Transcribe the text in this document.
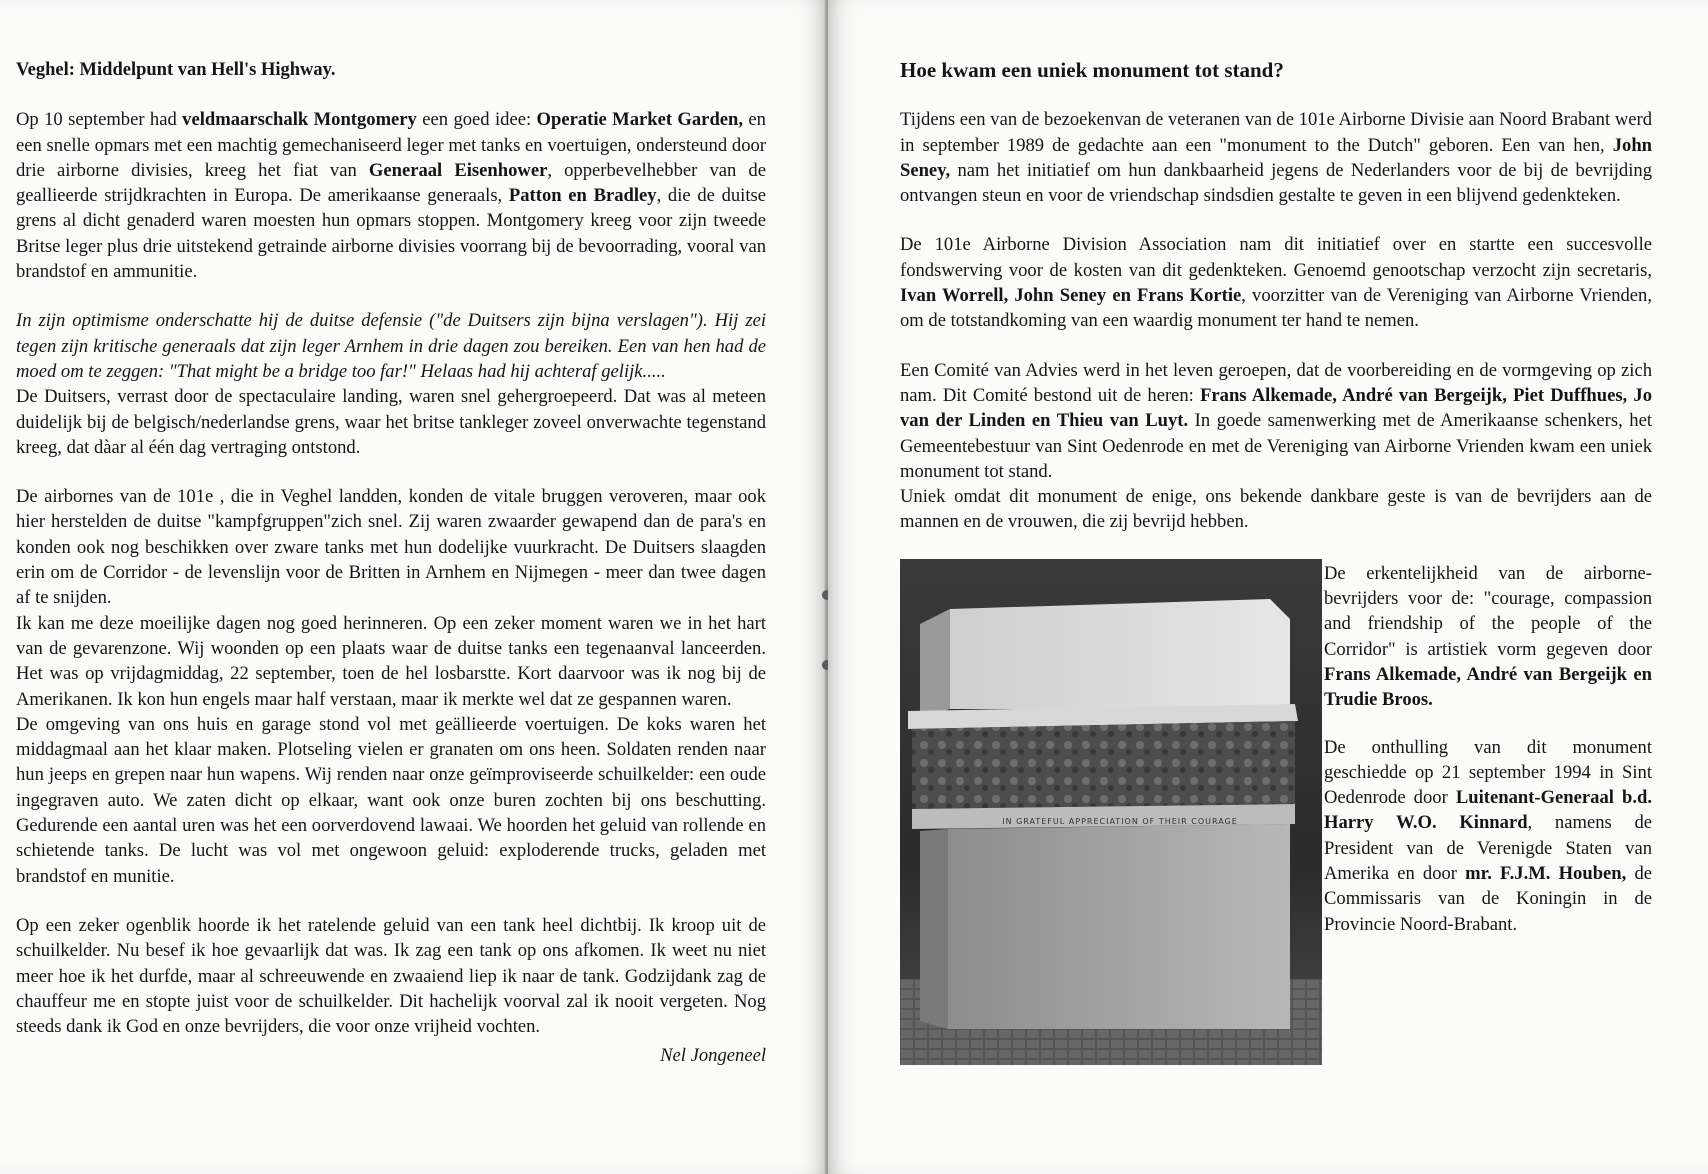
Veghel: Middelpunt van Hell's Highway.

Op 10 september had veldmaarschalk Montgomery een goed idee: Operatie Market Garden, en een snelle opmars met een machtig gemechaniseerd leger met tanks en voertuigen, ondersteund door drie airborne divisies, kreeg het fiat van Generaal Eisenhower, opperbevelhebber van de geallieerde strijdkrachten in Europa. De amerikaanse generaals, Patton en Bradley, die de duitse grens al dicht genaderd waren moesten hun opmars stoppen. Montgomery kreeg voor zijn tweede Britse leger plus drie uitstekend getrainde airborne divisies voorrang bij de bevoorrading, vooral van brandstof en ammunitie.

In zijn optimisme onderschatte hij de duitse defensie ("de Duitsers zijn bijna verslagen"). Hij zei tegen zijn kritische generaals dat zijn leger Arnhem in drie dagen zou bereiken. Een van hen had de moed om te zeggen: "That might be a bridge too far!" Helaas had hij achteraf gelijk.....

De Duitsers, verrast door de spectaculaire landing, waren snel gehergroepeerd. Dat was al meteen duidelijk bij de belgisch/nederlandse grens, waar het britse tankleger zoveel onverwachte tegenstand kreeg, dat dàar al één dag vertraging ontstond.

De airbornes van de 101e , die in Veghel landden, konden de vitale bruggen veroveren, maar ook hier herstelden de duitse "kampfgruppen"zich snel. Zij waren zwaarder gewapend dan de para's en konden ook nog beschikken over zware tanks met hun dodelijke vuurkracht. De Duitsers slaagden erin om de Corridor - de levenslijn voor de Britten in Arnhem en Nijmegen - meer dan twee dagen af te snijden.

Ik kan me deze moeilijke dagen nog goed herinneren. Op een zeker moment waren we in het hart van de gevarenzone. Wij woonden op een plaats waar de duitse tanks een tegenaanval lanceerden. Het was op vrijdagmiddag, 22 september, toen de hel losbarstte. Kort daarvoor was ik nog bij de Amerikanen. Ik kon hun engels maar half verstaan, maar ik merkte wel dat ze gespannen waren.

De omgeving van ons huis en garage stond vol met geällieerde voertuigen. De koks waren het middagmaal aan het klaar maken. Plotseling vielen er granaten om ons heen. Soldaten renden naar hun jeeps en grepen naar hun wapens. Wij renden naar onze geïmproviseerde schuilkelder: een oude ingegraven auto. We zaten dicht op elkaar, want ook onze buren zochten bij ons beschutting. Gedurende een aantal uren was het een oorverdovend lawaai. We hoorden het geluid van rollende en schietende tanks. De lucht was vol met ongewoon geluid: exploderende trucks, geladen met brandstof en munitie.

Op een zeker ogenblik hoorde ik het ratelende geluid van een tank heel dichtbij. Ik kroop uit de schuilkelder. Nu besef ik hoe gevaarlijk dat was. Ik zag een tank op ons afkomen. Ik weet nu niet meer hoe ik het durfde, maar al schreeuwende en zwaaiend liep ik naar de tank. Godzijdank zag de chauffeur me en stopte juist voor de schuilkelder. Dit hachelijk voorval zal ik nooit vergeten. Nog steeds dank ik God en onze bevrijders, die voor onze vrijheid vochten.

Nel Jongeneel
Hoe kwam een uniek monument tot stand?

Tijdens een van de bezoekenvan de veteranen van de 101e Airborne Divisie aan Noord Brabant werd in september 1989 de gedachte aan een "monument to the Dutch" geboren. Een van hen, John Seney, nam het initiatief om hun dankbaarheid jegens de Nederlanders voor de bij de bevrijding ontvangen steun en voor de vriendschap sindsdien gestalte te geven in een blijvend gedenkteken.

De 101e Airborne Division Association nam dit initiatief over en startte een succesvolle fondswerving voor de kosten van dit gedenkteken. Genoemd genootschap verzocht zijn secretaris, Ivan Worrell, John Seney en Frans Kortie, voorzitter van de Vereniging van Airborne Vrienden, om de totstandkoming van een waardig monument ter hand te nemen.

Een Comité van Advies werd in het leven geroepen, dat de voorbereiding en de vormgeving op zich nam. Dit Comité bestond uit de heren: Frans Alkemade, André van Bergeijk, Piet Duffhues, Jo van der Linden en Thieu van Luyt. In goede samenwerking met de Amerikaanse schenkers, het Gemeentebestuur van Sint Oedenrode en met de Vereniging van Airborne Vrienden kwam een uniek monument tot stand.

Uniek omdat dit monument de enige, ons bekende dankbare geste is van de bevrijders aan de mannen en de vrouwen, die zij bevrijd hebben.

IN GRATEFUL APPRECIATION OF THEIR COURAGE

De erkentelijkheid van de airborne-bevrijders voor de: "courage, compassion and friendship of the people of the Corridor" is artistiek vorm gegeven door Frans Alkemade, André van Bergeijk en Trudie Broos.

De onthulling van dit monument geschiedde op 21 september 1994 in Sint Oedenrode door Luitenant-Generaal b.d. Harry W.O. Kinnard, namens de President van de Verenigde Staten van Amerika en door mr. F.J.M. Houben, de Commissaris van de Koningin in de Provincie Noord-Brabant.
